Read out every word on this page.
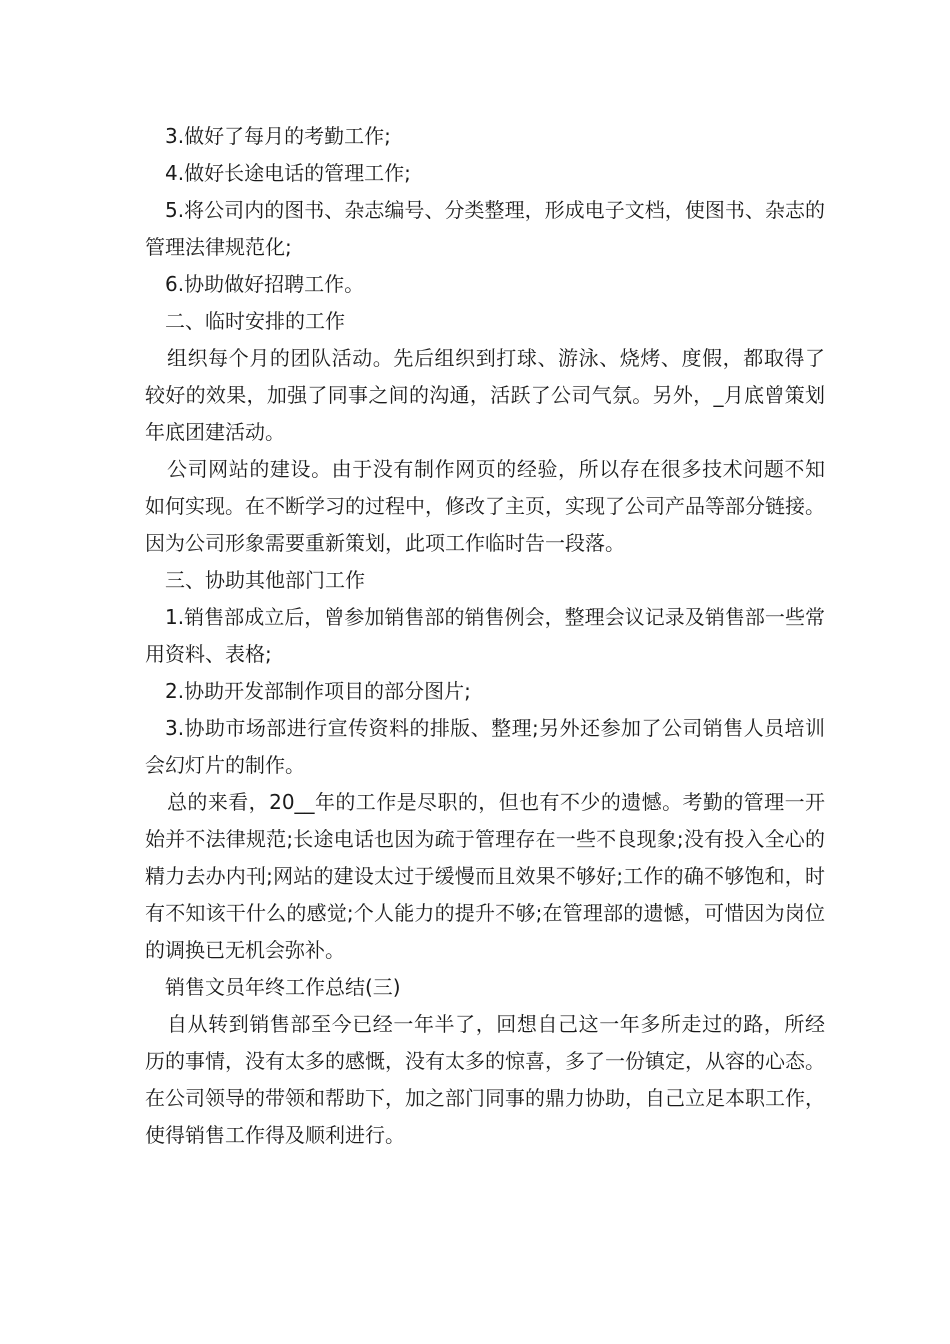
3.做好了每月的考勤工作;

4.做好长途电话的管理工作;

5.将公司内的图书、杂志编号、分类整理，形成电子文档，使图书、杂志的管理法律规范化;

6.协助做好招聘工作。

二、临时安排的工作

组织每个月的团队活动。先后组织到打球、游泳、烧烤、度假，都取得了较好的效果，加强了同事之间的沟通，活跃了公司气氛。另外，_月底曾策划年底团建活动。

公司网站的建设。由于没有制作网页的经验，所以存在很多技术问题不知如何实现。在不断学习的过程中，修改了主页，实现了公司产品等部分链接。因为公司形象需要重新策划，此项工作临时告一段落。

三、协助其他部门工作

1.销售部成立后，曾参加销售部的销售例会，整理会议记录及销售部一些常用资料、表格;

2.协助开发部制作项目的部分图片;

3.协助市场部进行宣传资料的排版、整理;另外还参加了公司销售人员培训会幻灯片的制作。

总的来看，20__年的工作是尽职的，但也有不少的遗憾。考勤的管理一开始并不法律规范;长途电话也因为疏于管理存在一些不良现象;没有投入全心的精力去办内刊;网站的建设太过于缓慢而且效果不够好;工作的确不够饱和，时有不知该干什么的感觉;个人能力的提升不够;在管理部的遗憾，可惜因为岗位的调换已无机会弥补。

销售文员年终工作总结(三)

自从转到销售部至今已经一年半了，回想自己这一年多所走过的路，所经历的事情，没有太多的感慨，没有太多的惊喜，多了一份镇定，从容的心态。在公司领导的带领和帮助下，加之部门同事的鼎力协助，自己立足本职工作，使得销售工作得及顺利进行。
